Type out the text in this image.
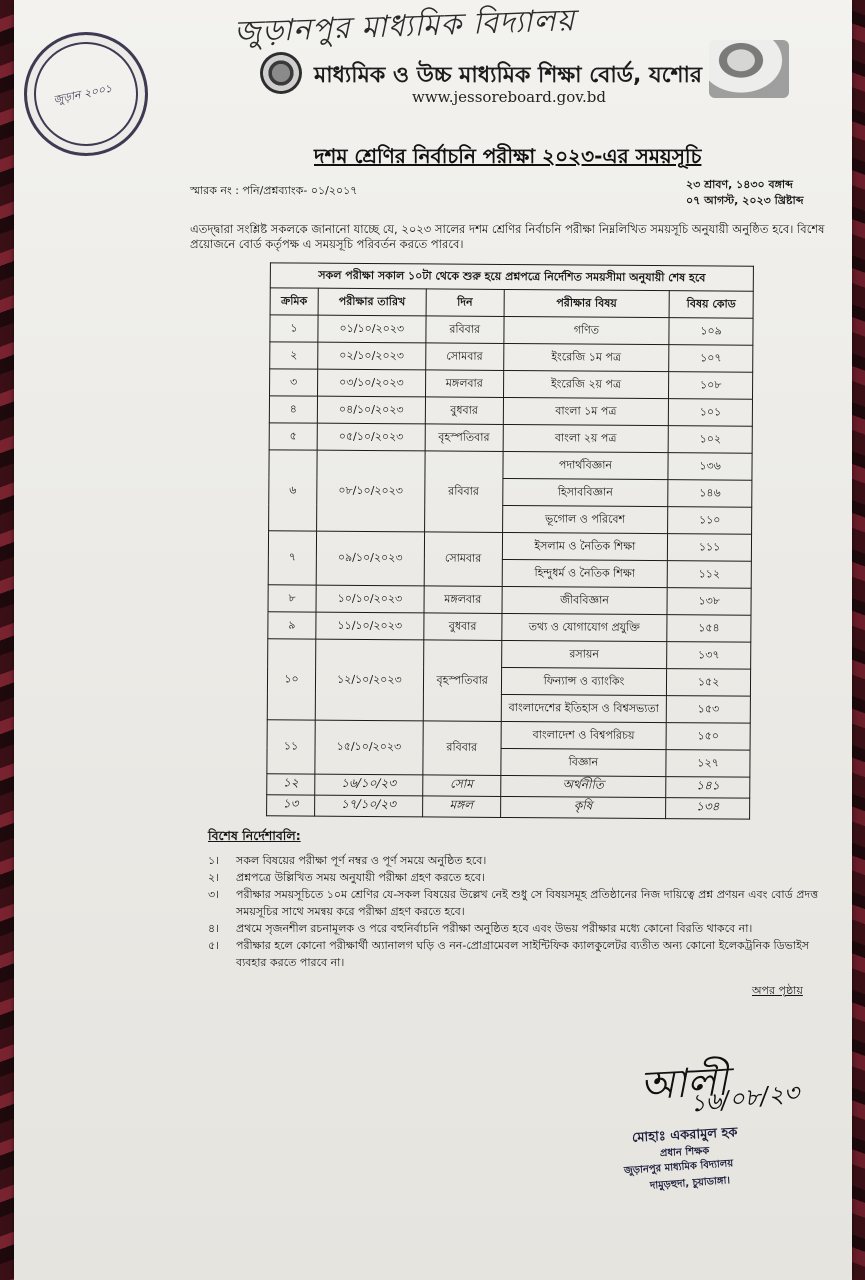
জুড়ানপুর মাধ্যমিক বিদ্যালয়
জুড়ান ২০০১
মাধ্যমিক ও উচ্চ মাধ্যমিক শিক্ষা বোর্ড, যশোর
www.jessoreboard.gov.bd
দশম শ্রেণির নির্বাচনি পরীক্ষা ২০২৩-এর সময়সূচি
স্মারক নং : পনি/প্রশ্নব্যাংক- ০১/২০১৭	২৩ শ্রাবণ, ১৪৩০ বঙ্গাব্দ
০৭ আগস্ট, ২০২৩ খ্রিষ্টাব্দ
এতদ্দ্বারা সংশ্লিষ্ট সকলকে জানানো যাচ্ছে যে, ২০২৩ সালের দশম শ্রেণির নির্বাচনি পরীক্ষা নিম্নলিখিত সময়সূচি অনুযায়ী অনুষ্ঠিত হবে। বিশেষ প্রয়োজনে বোর্ড কর্তৃপক্ষ এ সময়সূচি পরিবর্তন করতে পারবে।
সকল পরীক্ষা সকাল ১০টা থেকে শুরু হয়ে প্রশ্নপত্রে নির্দেশিত সময়সীমা অনুযায়ী শেষ হবে				
ক্রমিক	পরীক্ষার তারিখ	দিন	পরীক্ষার বিষয়	বিষয় কোড
১	০১/১০/২০২৩	রবিবার	গণিত	১০৯
২	০২/১০/২০২৩	সোমবার	ইংরেজি ১ম পত্র	১০৭
৩	০৩/১০/২০২৩	মঙ্গলবার	ইংরেজি ২য় পত্র	১০৮
৪	০৪/১০/২০২৩	বুধবার	বাংলা ১ম পত্র	১০১
৫	০৫/১০/২০২৩	বৃহস্পতিবার	বাংলা ২য় পত্র	১০২
৬	০৮/১০/২০২৩	রবিবার	পদার্থবিজ্ঞান	১৩৬
			হিসাববিজ্ঞান	১৪৬
			ভূগোল ও পরিবেশ	১১০
৭	০৯/১০/২০২৩	সোমবার	ইসলাম ও নৈতিক শিক্ষা	১১১
			হিন্দুধর্ম ও নৈতিক শিক্ষা	১১২
৮	১০/১০/২০২৩	মঙ্গলবার	জীববিজ্ঞান	১৩৮
৯	১১/১০/২০২৩	বুধবার	তথ্য ও যোগাযোগ প্রযুক্তি	১৫৪
১০	১২/১০/২০২৩	বৃহস্পতিবার	রসায়ন	১৩৭
			ফিন্যান্স ও ব্যাংকিং	১৫২
			বাংলাদেশের ইতিহাস ও বিশ্বসভ্যতা	১৫৩
১১	১৫/১০/২০২৩	রবিবার	বাংলাদেশ ও বিশ্বপরিচয়	১৫০
			বিজ্ঞান	১২৭
১২	১৬/১০/২৩	সোম	অর্থনীতি	১৪১
১৩	১৭/১০/২৩	মঙ্গল	কৃষি	১৩৪
বিশেষ নির্দেশাবলি:
১।	সকল বিষয়ের পরীক্ষা পূর্ণ নম্বর ও পূর্ণ সময়ে অনুষ্ঠিত হবে।
২।	প্রশ্নপত্রে উল্লিখিত সময় অনুযায়ী পরীক্ষা গ্রহণ করতে হবে।
৩।	পরীক্ষার সময়সূচিতে ১০ম শ্রেণির যে-সকল বিষয়ের উল্লেখ নেই শুধু সে বিষয়সমূহ প্রতিষ্ঠানের নিজ দায়িত্বে প্রশ্ন প্রণয়ন এবং বোর্ড প্রদত্ত সময়সূচির সাথে সমন্বয় করে পরীক্ষা গ্রহণ করতে হবে।
৪।	প্রথমে সৃজনশীল রচনামূলক ও পরে বহুনির্বাচনি পরীক্ষা অনুষ্ঠিত হবে এবং উভয় পরীক্ষার মধ্যে কোনো বিরতি থাকবে না।
৫।	পরীক্ষার হলে কোনো পরীক্ষার্থী অ্যানালগ ঘড়ি ও নন-প্রোগ্রামেবল সাইন্টিফিক ক্যালকুলেটর ব্যতীত অন্য কোনো ইলেকট্রনিক ডিভাইস ব্যবহার করতে পারবে না।
অপর পৃষ্ঠায়
আলী
১৬/০৮/২৩
মোহাঃ একরামুল হক
প্রধান শিক্ষক
জুড়ানপুর মাধ্যমিক বিদ্যালয়
দামুড়হুদা, চুয়াডাঙ্গা।
